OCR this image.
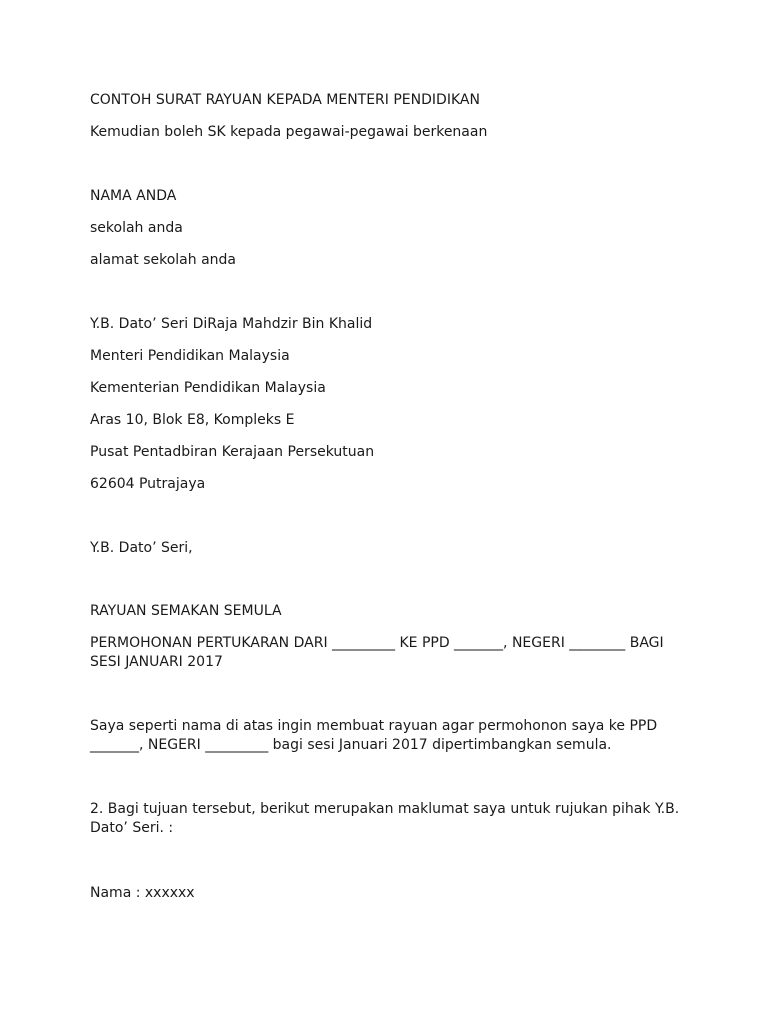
CONTOH SURAT RAYUAN KEPADA MENTERI PENDIDIKAN
Kemudian boleh SK kepada pegawai-pegawai berkenaan
NAMA ANDA
sekolah anda
alamat sekolah anda
Y.B. Dato’ Seri DiRaja Mahdzir Bin Khalid
Menteri Pendidikan Malaysia
Kementerian Pendidikan Malaysia
Aras 10, Blok E8, Kompleks E
Pusat Pentadbiran Kerajaan Persekutuan
62604 Putrajaya
Y.B. Dato’ Seri,
RAYUAN SEMAKAN SEMULA
PERMOHONAN PERTUKARAN DARI _________ KE PPD _______, NEGERI ________ BAGI SESI JANUARI 2017
Saya seperti nama di atas ingin membuat rayuan agar permohonon saya ke PPD _______, NEGERI _________ bagi sesi Januari 2017 dipertimbangkan semula.
2. Bagi tujuan tersebut, berikut merupakan maklumat saya untuk rujukan pihak Y.B. Dato’ Seri. :
Nama : xxxxxx
